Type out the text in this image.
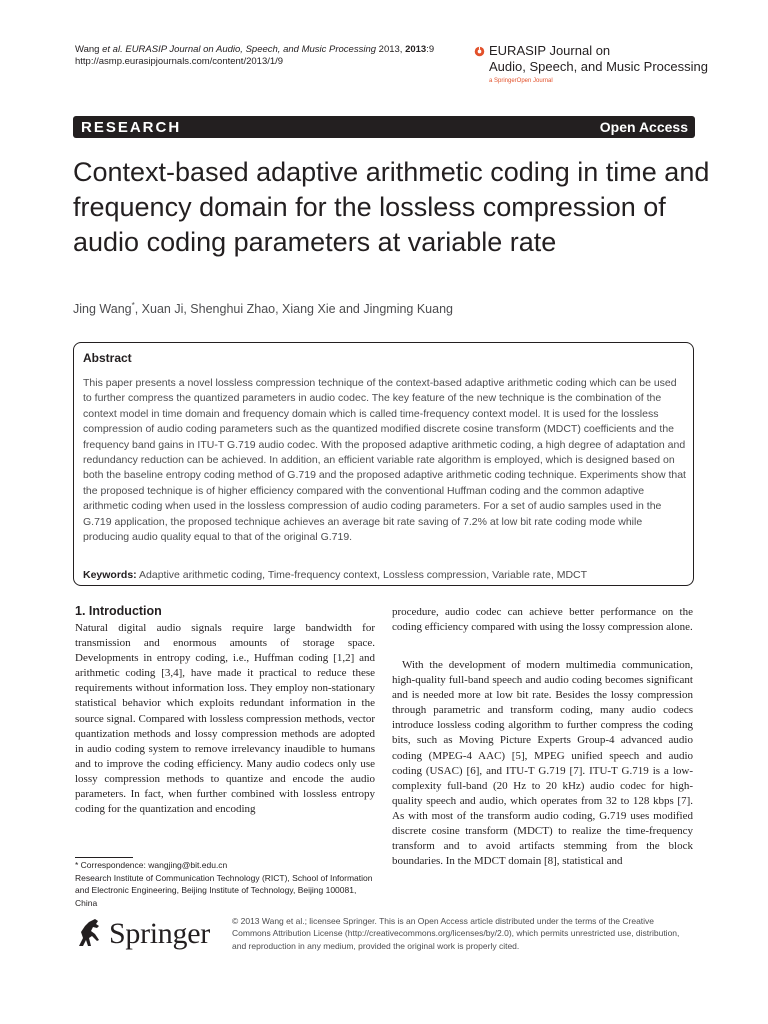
Wang et al. EURASIP Journal on Audio, Speech, and Music Processing 2013, 2013:9
http://asmp.eurasipjournals.com/content/2013/1/9
EURASIP Journal on
Audio, Speech, and Music Processing
a SpringerOpen Journal
RESEARCH	Open Access
Context-based adaptive arithmetic coding in time and frequency domain for the lossless compression of audio coding parameters at variable rate
Jing Wang*, Xuan Ji, Shenghui Zhao, Xiang Xie and Jingming Kuang
Abstract

This paper presents a novel lossless compression technique of the context-based adaptive arithmetic coding which can be used to further compress the quantized parameters in audio codec. The key feature of the new technique is the combination of the context model in time domain and frequency domain which is called time-frequency context model. It is used for the lossless compression of audio coding parameters such as the quantized modified discrete cosine transform (MDCT) coefficients and the frequency band gains in ITU-T G.719 audio codec. With the proposed adaptive arithmetic coding, a high degree of adaptation and redundancy reduction can be achieved. In addition, an efficient variable rate algorithm is employed, which is designed based on both the baseline entropy coding method of G.719 and the proposed adaptive arithmetic coding technique. Experiments show that the proposed technique is of higher efficiency compared with the conventional Huffman coding and the common adaptive arithmetic coding when used in the lossless compression of audio coding parameters. For a set of audio samples used in the G.719 application, the proposed technique achieves an average bit rate saving of 7.2% at low bit rate coding mode while producing audio quality equal to that of the original G.719.

Keywords: Adaptive arithmetic coding, Time-frequency context, Lossless compression, Variable rate, MDCT
1. Introduction

Natural digital audio signals require large bandwidth for transmission and enormous amounts of storage space. Developments in entropy coding, i.e., Huffman coding [1,2] and arithmetic coding [3,4], have made it practical to reduce these requirements without information loss. They employ non-stationary statistical behavior which exploits redundant information in the source signal. Compared with lossless compression methods, vector quantization methods and lossy compression methods are adopted in audio coding system to remove irrelevancy inaudible to humans and to improve the coding efficiency. Many audio codecs only use lossy compression methods to quantize and encode the audio parameters. In fact, when further combined with lossless entropy coding for the quantization and encoding

procedure, audio codec can achieve better performance on the coding efficiency compared with using the lossy compression alone.

With the development of modern multimedia communication, high-quality full-band speech and audio coding becomes significant and is needed more at low bit rate. Besides the lossy compression through parametric and transform coding, many audio codecs introduce lossless coding algorithm to further compress the coding bits, such as Moving Picture Experts Group-4 advanced audio coding (MPEG-4 AAC) [5], MPEG unified speech and audio coding (USAC) [6], and ITU-T G.719 [7]. ITU-T G.719 is a low-complexity full-band (20 Hz to 20 kHz) audio codec for high-quality speech and audio, which operates from 32 to 128 kbps [7]. As with most of the transform audio coding, G.719 uses modified discrete cosine transform (MDCT) to realize the time-frequency transform and to avoid artifacts stemming from the block boundaries. In the MDCT domain [8], statistical and

* Correspondence: wangjing@bit.edu.cn
Research Institute of Communication Technology (RICT), School of Information and Electronic Engineering, Beijing Institute of Technology, Beijing 100081, China
Springer	© 2013 Wang et al.; licensee Springer. This is an Open Access article distributed under the terms of the Creative Commons Attribution License (http://creativecommons.org/licenses/by/2.0), which permits unrestricted use, distribution, and reproduction in any medium, provided the original work is properly cited.
